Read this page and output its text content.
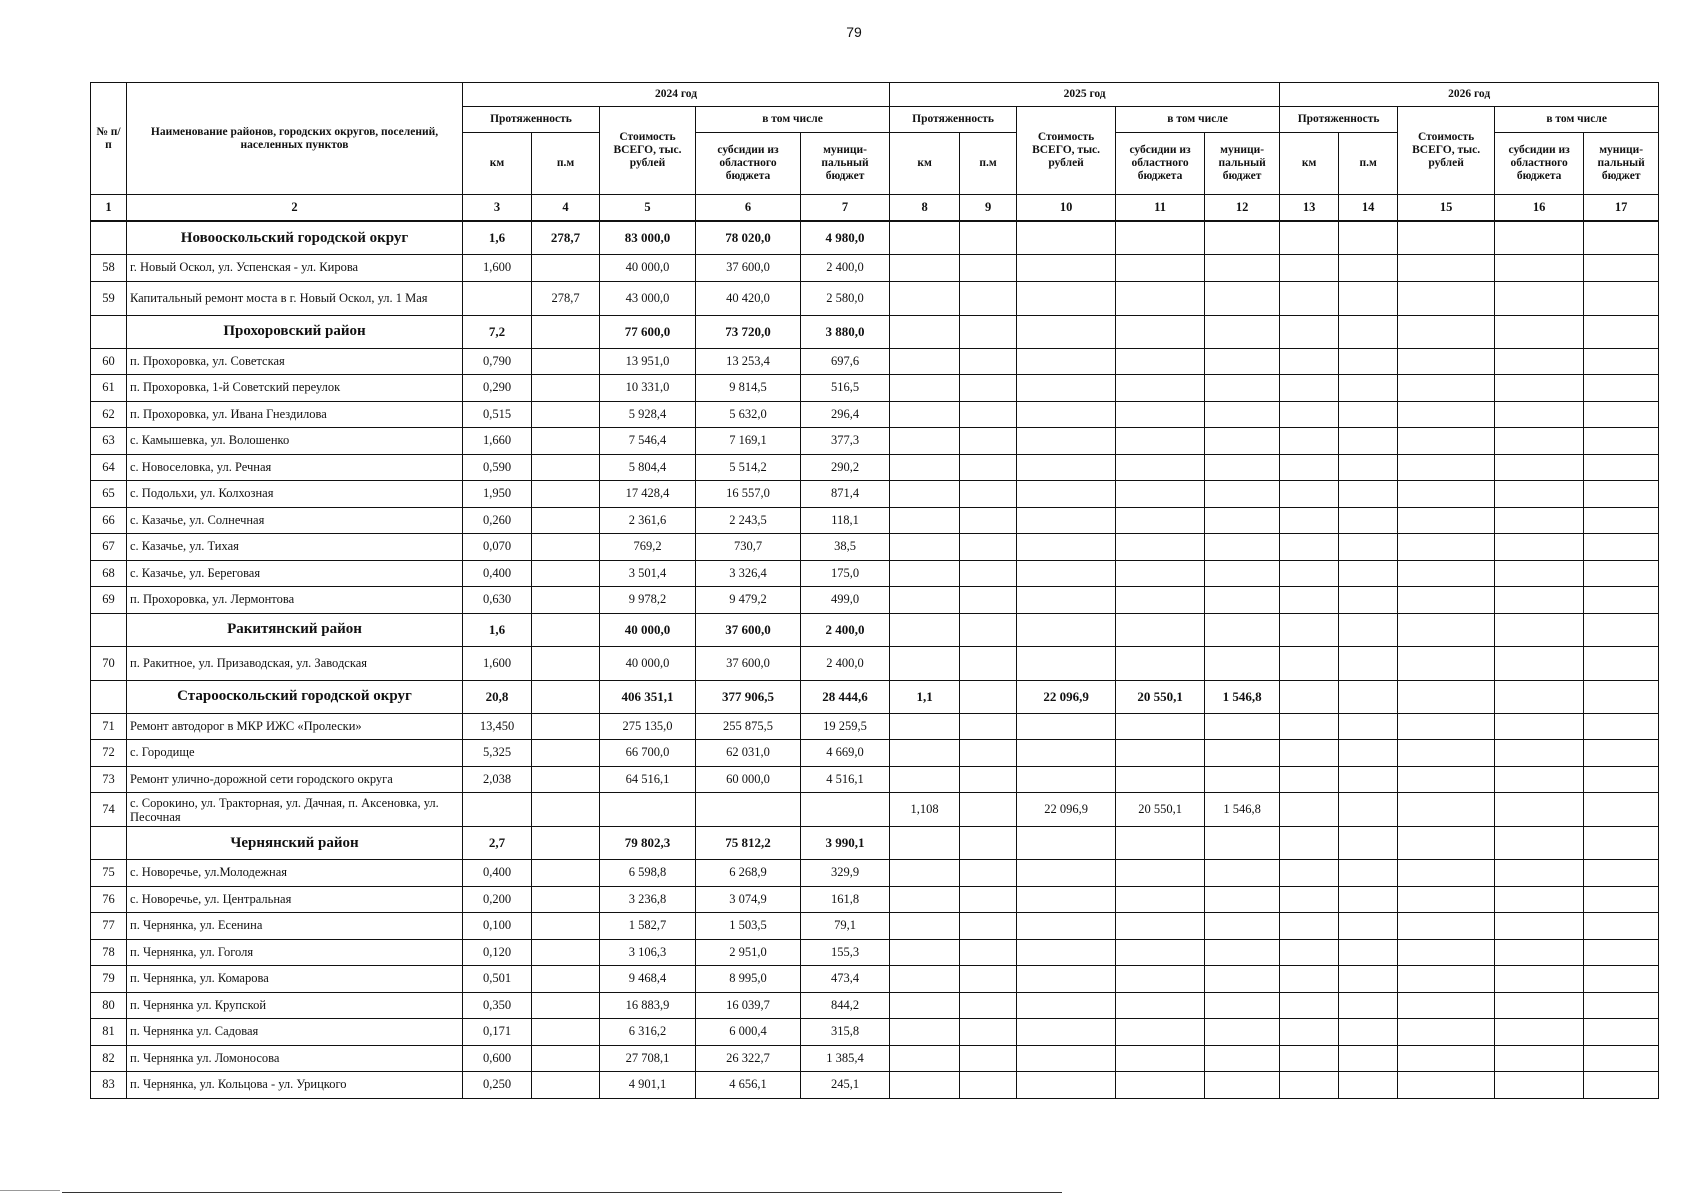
79
№ п/п	Наименование районов, городских округов, поселений, населенных пунктов	2024 год					2025 год					2026 год				
		Протяженность		Стоимость ВСЕГО, тыс. рублей	в том числе		Протяженность		Стоимость ВСЕГО, тыс. рублей	в том числе		Протяженность		Стоимость ВСЕГО, тыс. рублей	в том числе	
		км	п.м		субсидии из областного бюджета	муници-пальный бюджет	км	п.м		субсидии из областного бюджета	муници-пальный бюджет	км	п.м		субсидии из областного бюджета	муници-пальный бюджет
1	2	3	4	5	6	7	8	9	10	11	12	13	14	15	16	17
	Новооскольский городской округ	1,6	278,7	83 000,0	78 020,0	4 980,0										
58	г. Новый Оскол, ул. Успенская - ул. Кирова	1,600		40 000,0	37 600,0	2 400,0										
59	Капитальный ремонт моста в г. Новый Оскол, ул. 1 Мая		278,7	43 000,0	40 420,0	2 580,0										
	Прохоровский район	7,2		77 600,0	73 720,0	3 880,0										
60	п. Прохоровка, ул. Советская	0,790		13 951,0	13 253,4	697,6										
61	п. Прохоровка, 1-й Советский переулок	0,290		10 331,0	9 814,5	516,5										
62	п. Прохоровка, ул. Ивана Гнездилова	0,515		5 928,4	5 632,0	296,4										
63	с. Камышевка, ул. Волошенко	1,660		7 546,4	7 169,1	377,3										
64	с. Новоселовка, ул. Речная	0,590		5 804,4	5 514,2	290,2										
65	с. Подольхи, ул. Колхозная	1,950		17 428,4	16 557,0	871,4										
66	с. Казачье, ул. Солнечная	0,260		2 361,6	2 243,5	118,1										
67	с. Казачье, ул. Тихая	0,070		769,2	730,7	38,5										
68	с. Казачье, ул. Береговая	0,400		3 501,4	3 326,4	175,0										
69	п. Прохоровка, ул. Лермонтова	0,630		9 978,2	9 479,2	499,0										
	Ракитянский район	1,6		40 000,0	37 600,0	2 400,0										
70	п. Ракитное, ул. Призаводская, ул. Заводская	1,600		40 000,0	37 600,0	2 400,0										
	Старооскольский городской округ	20,8		406 351,1	377 906,5	28 444,6	1,1		22 096,9	20 550,1	1 546,8					
71	Ремонт автодорог в МКР ИЖС «Пролески»	13,450		275 135,0	255 875,5	19 259,5										
72	с. Городище	5,325		66 700,0	62 031,0	4 669,0										
73	Ремонт улично-дорожной сети городского округа	2,038		64 516,1	60 000,0	4 516,1										
74	с. Сорокино, ул. Тракторная, ул. Дачная, п. Аксеновка, ул. Песочная						1,108		22 096,9	20 550,1	1 546,8					
	Чернянский район	2,7		79 802,3	75 812,2	3 990,1										
75	с. Новоречье, ул.Молодежная	0,400		6 598,8	6 268,9	329,9										
76	с. Новоречье, ул. Центральная	0,200		3 236,8	3 074,9	161,8										
77	п. Чернянка, ул. Есенина	0,100		1 582,7	1 503,5	79,1										
78	п. Чернянка, ул. Гоголя	0,120		3 106,3	2 951,0	155,3										
79	п. Чернянка, ул. Комарова	0,501		9 468,4	8 995,0	473,4										
80	п. Чернянка ул. Крупской	0,350		16 883,9	16 039,7	844,2										
81	п. Чернянка ул. Садовая	0,171		6 316,2	6 000,4	315,8										
82	п. Чернянка ул. Ломоносова	0,600		27 708,1	26 322,7	1 385,4										
83	п. Чернянка, ул. Кольцова - ул. Урицкого	0,250		4 901,1	4 656,1	245,1										
